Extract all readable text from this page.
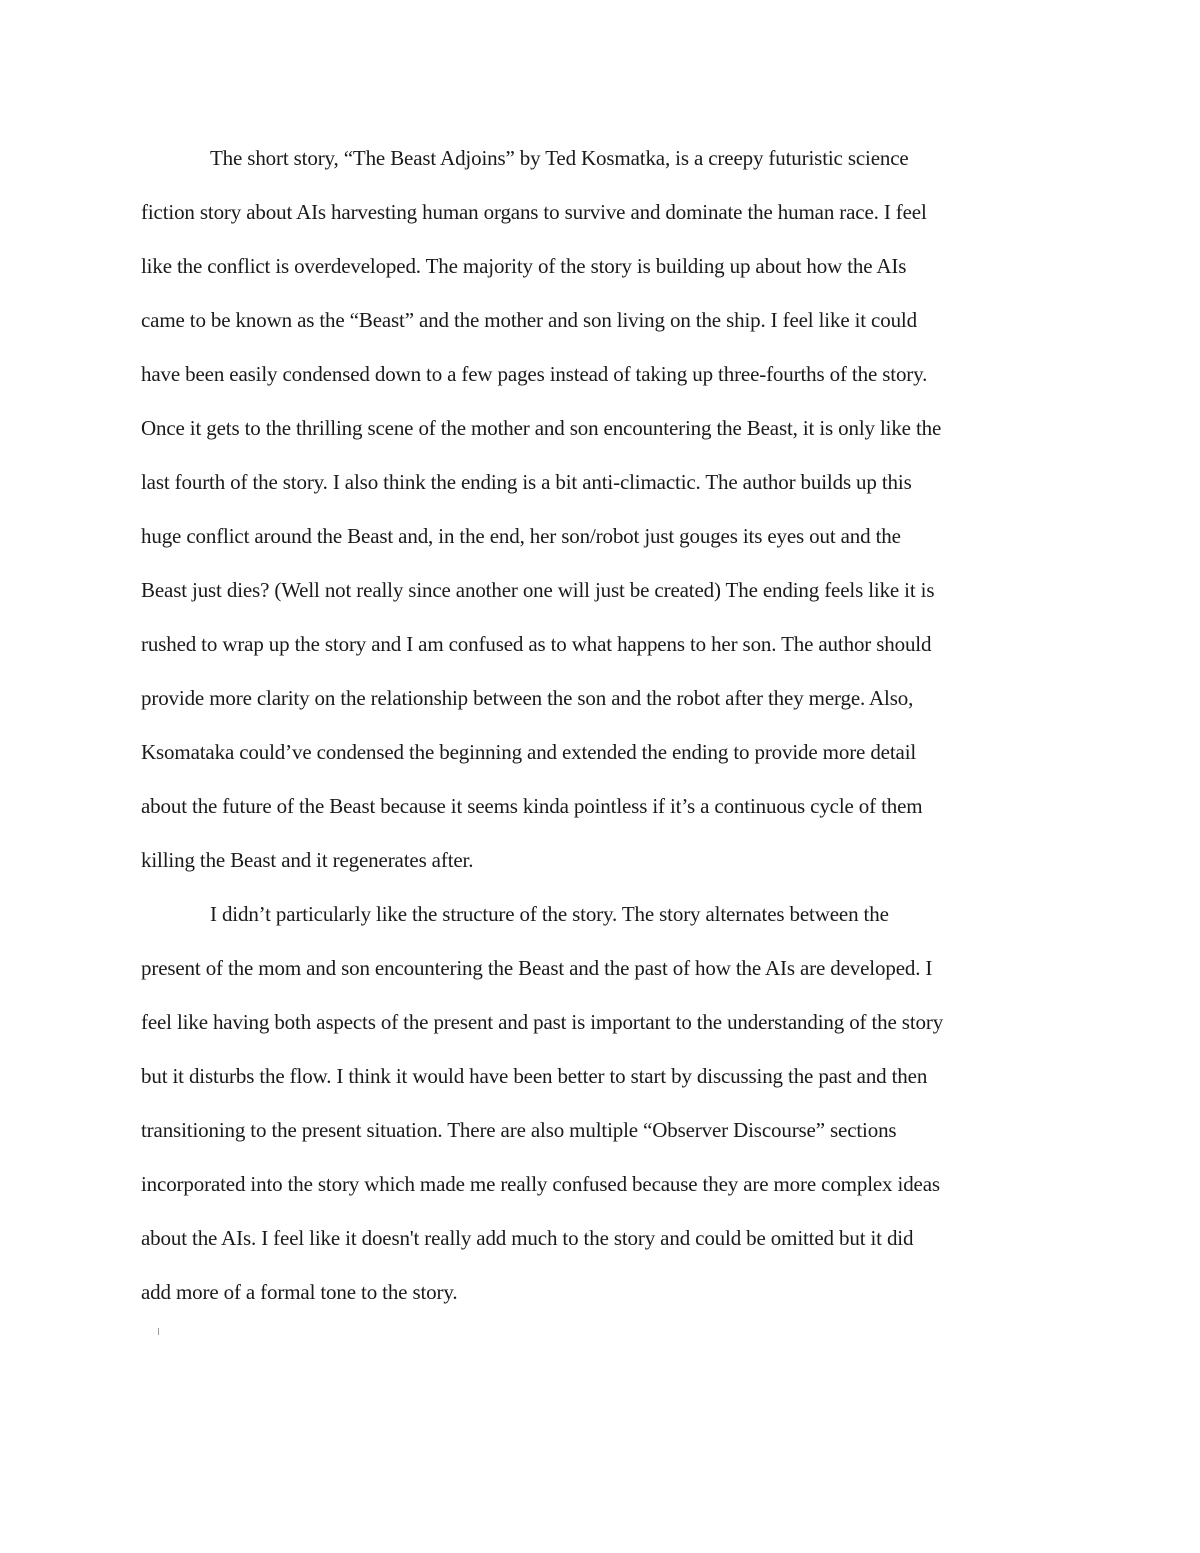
The short story, “The Beast Adjoins” by Ted Kosmatka, is a creepy futuristic science
fiction story about AIs harvesting human organs to survive and dominate the human race. I feel
like the conflict is overdeveloped. The majority of the story is building up about how the AIs
came to be known as the “Beast” and the mother and son living on the ship. I feel like it could
have been easily condensed down to a few pages instead of taking up three-fourths of the story.
Once it gets to the thrilling scene of the mother and son encountering the Beast, it is only like the
last fourth of the story. I also think the ending is a bit anti-climactic. The author builds up this
huge conflict around the Beast and, in the end, her son/robot just gouges its eyes out and the
Beast just dies? (Well not really since another one will just be created) The ending feels like it is
rushed to wrap up the story and I am confused as to what happens to her son. The author should
provide more clarity on the relationship between the son and the robot after they merge. Also,
Ksomataka could’ve condensed the beginning and extended the ending to provide more detail
about the future of the Beast because it seems kinda pointless if it’s a continuous cycle of them
killing the Beast and it regenerates after.
I didn’t particularly like the structure of the story. The story alternates between the
present of the mom and son encountering the Beast and the past of how the AIs are developed. I
feel like having both aspects of the present and past is important to the understanding of the story
but it disturbs the flow. I think it would have been better to start by discussing the past and then
transitioning to the present situation. There are also multiple “Observer Discourse” sections
incorporated into the story which made me really confused because they are more complex ideas
about the AIs. I feel like it doesn't really add much to the story and could be omitted but it did
add more of a formal tone to the story.
